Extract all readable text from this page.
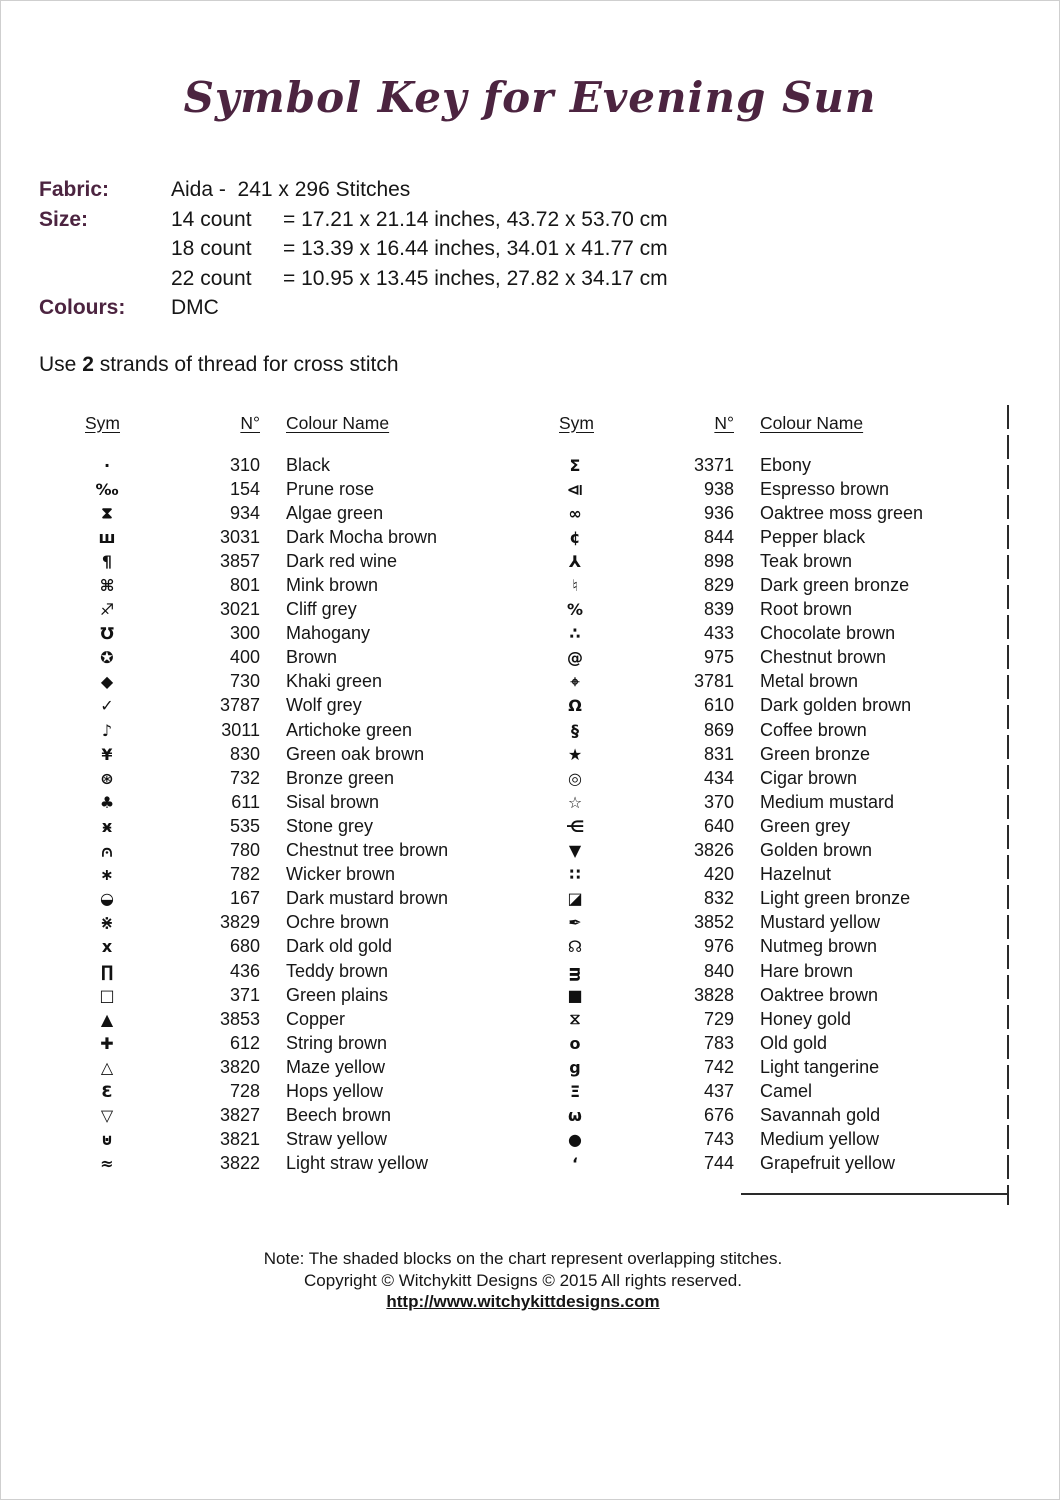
Symbol Key for Evening Sun
Fabric:	Aida -  241 x 296 Stitches
Size:	14 count	= 17.21 x 21.14 inches, 43.72 x 53.70 cm
18 count	= 13.39 x 16.44 inches, 34.01 x 41.77 cm
22 count	= 10.95 x 13.45 inches, 27.82 x 34.17 cm
Colours:	DMC
Use 2 strands of thread for cross stitch
Sym	N°	Colour Name
·	310	Black
‰	154	Prune rose
⧗	934	Algae green
ш	3031	Dark Mocha brown
¶	3857	Dark red wine
⌘	801	Mink brown
♐	3021	Cliff grey
℧	300	Mahogany
✪	400	Brown
◆	730	Khaki green
✓	3787	Wolf grey
♪	3011	Artichoke green
¥	830	Green oak brown
⊛	732	Bronze green
♣	611	Sisal brown
ӿ	535	Stone grey
⩀	780	Chestnut tree brown
∗	782	Wicker brown
◒	167	Dark mustard brown
⋇	3829	Ochre brown
x	680	Dark old gold
∏	436	Teddy brown
□	371	Green plains
▲	3853	Copper
✚	612	String brown
△	3820	Maze yellow
Ɛ	728	Hops yellow
▽	3827	Beech brown
⊍	3821	Straw yellow
≈	3822	Light straw yellow
Sym	N°	Colour Name
Σ	3371	Ebony
⧏	938	Espresso brown
∞	936	Oaktree moss green
¢	844	Pepper black
⅄	898	Teak brown
♮	829	Dark green bronze
%	839	Root brown
∴	433	Chocolate brown
@	975	Chestnut brown
⌖	3781	Metal brown
Ω	610	Dark golden brown
§	869	Coffee brown
★	831	Green bronze
◎	434	Cigar brown
☆	370	Medium mustard
⋲	640	Green grey
▼	3826	Golden brown
∷	420	Hazelnut
◪	832	Light green bronze
✒	3852	Mustard yellow
☊	976	Nutmeg brown
ᴟ	840	Hare brown
■	3828	Oaktree brown
⧖	729	Honey gold
o	783	Old gold
g	742	Light tangerine
Ξ	437	Camel
ω	676	Savannah gold
●	743	Medium yellow
‘	744	Grapefruit yellow
Note: The shaded blocks on the chart represent overlapping stitches.
Copyright © Witchykitt Designs © 2015 All rights reserved.
http://www.witchykittdesigns.com
